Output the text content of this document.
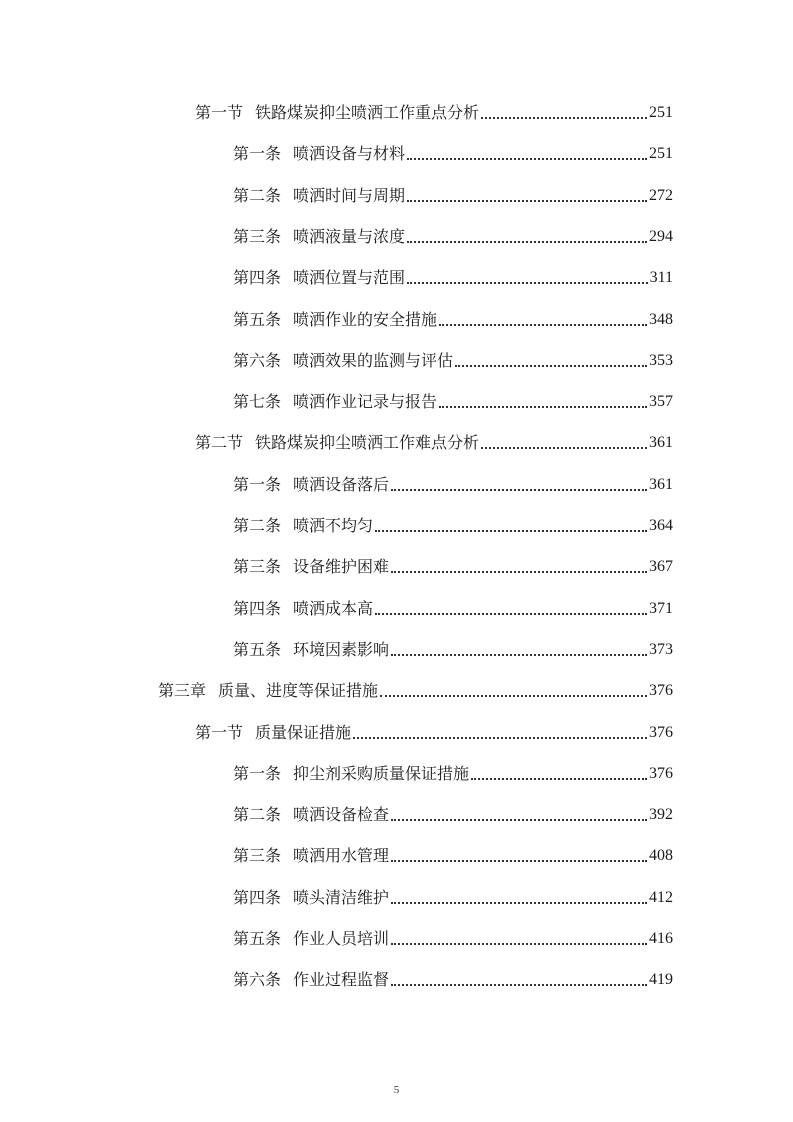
第一节 铁路煤炭抑尘喷洒工作重点分析	251
第一条 喷洒设备与材料	251
第二条 喷洒时间与周期	272
第三条 喷洒液量与浓度	294
第四条 喷洒位置与范围	311
第五条 喷洒作业的安全措施	348
第六条 喷洒效果的监测与评估	353
第七条 喷洒作业记录与报告	357
第二节 铁路煤炭抑尘喷洒工作难点分析	361
第一条 喷洒设备落后	361
第二条 喷洒不均匀	364
第三条 设备维护困难	367
第四条 喷洒成本高	371
第五条 环境因素影响	373
第三章 质量、进度等保证措施	376
第一节 质量保证措施	376
第一条 抑尘剂采购质量保证措施	376
第二条 喷洒设备检查	392
第三条 喷洒用水管理	408
第四条 喷头清洁维护	412
第五条 作业人员培训	416
第六条 作业过程监督	419
5
